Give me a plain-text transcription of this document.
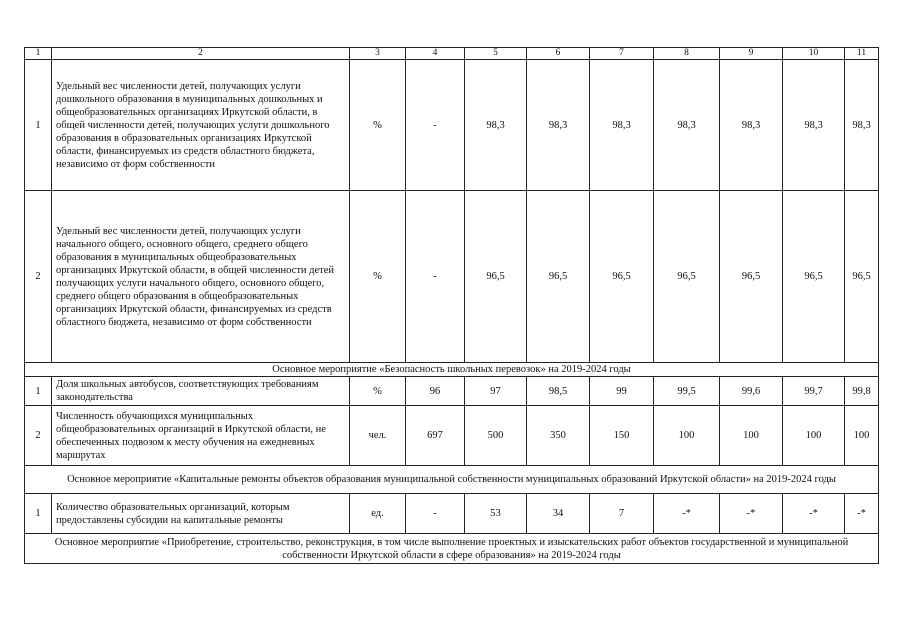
1	2	3	4	5	6	7	8	9	10	11
1	Удельный вес численности детей, получающих услуги дошкольного образования в муниципальных дошкольных и общеобразовательных организациях Иркутской области, в общей численности детей, получающих услуги дошкольного образования в образовательных организациях Иркутской области, финансируемых из средств областного бюджета, независимо от форм собственности	%	-	98,3	98,3	98,3	98,3	98,3	98,3	98,3
2	Удельный вес численности детей, получающих услуги начального общего, основного общего, среднего общего образования в муниципальных общеобразовательных организациях Иркутской области, в общей численности детей получающих услуги начального общего, основного общего, среднего общего образования в общеобразовательных организациях Иркутской области, финансируемых из средств областного бюджета, независимо от форм собственности	%	-	96,5	96,5	96,5	96,5	96,5	96,5	96,5
Основное мероприятие «Безопасность школьных перевозок» на 2019-2024 годы										
1	Доля школьных автобусов, соответствующих требованиям законодательства	%	96	97	98,5	99	99,5	99,6	99,7	99,8
2	Численность обучающихся муниципальных общеобразовательных организаций в Иркутской области, не обеспеченных подвозом к месту обучения на ежедневных маршрутах	чел.	697	500	350	150	100	100	100	100
Основное мероприятие «Капитальные ремонты объектов образования муниципальной собственности муниципальных образований Иркутской области» на 2019-2024 годы										
1	Количество образовательных организаций, которым предоставлены субсидии на капитальные ремонты	ед.	-	53	34	7	-*	-*	-*	-*
Основное мероприятие «Приобретение, строительство, реконструкция, в том числе выполнение проектных и изыскательских работ объектов государственной и муниципальной собственности Иркутской области в сфере образования» на 2019-2024 годы										
